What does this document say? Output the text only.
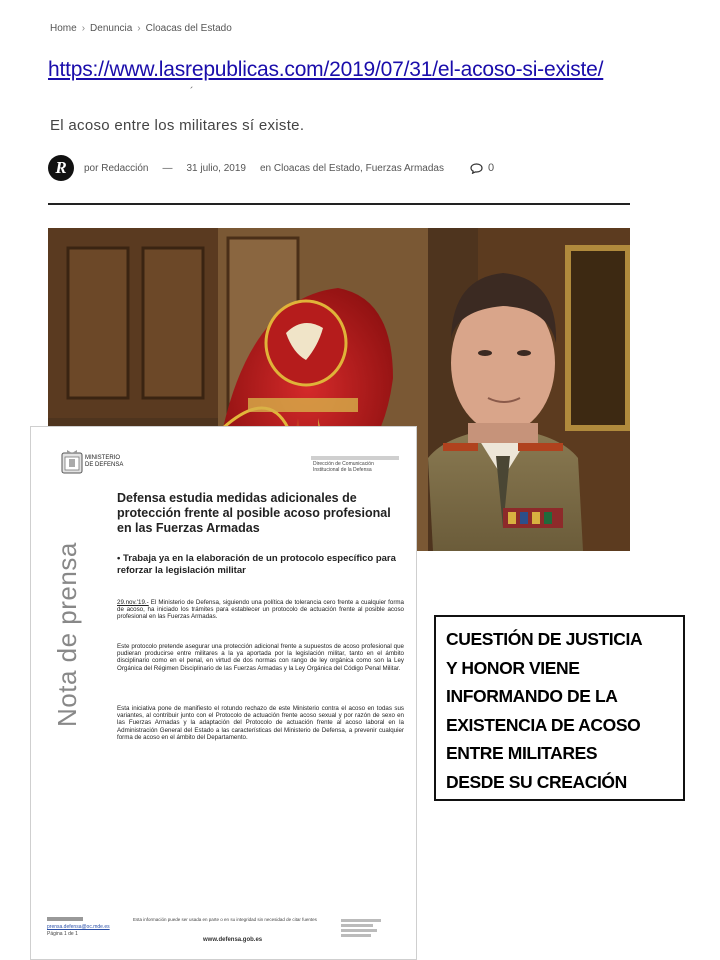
Home › Denuncia › Cloacas del Estado
https://www.lasrepublicas.com/2019/07/31/el-acoso-si-existe/
´
El acoso entre los militares sí existe.
R	por Redacción — 31 julio, 2019 en Cloacas del Estado, Fuerzas Armadas	0
MINISTERIO
DE DEFENSA	Dirección de Comunicación
Institucional de la Defensa
Nota de prensa
Defensa estudia medidas adicionales de protección frente al posible acoso profesional en las Fuerzas Armadas
• Trabaja ya en la elaboración de un protocolo específico para reforzar la legislación militar
29.nov.'19.- El Ministerio de Defensa, siguiendo una política de tolerancia cero frente a cualquier forma de acoso, ha iniciado los trámites para establecer un protocolo de actuación frente al posible acoso profesional en las Fuerzas Armadas.
Este protocolo pretende asegurar una protección adicional frente a supuestos de acoso profesional que pudieran producirse entre militares a la ya aportada por la legislación militar, tanto en el ámbito disciplinario como en el penal, en virtud de dos normas con rango de ley orgánica como son la Ley Orgánica del Régimen Disciplinario de las Fuerzas Armadas y la Ley Orgánica del Código Penal Militar.
Esta iniciativa pone de manifiesto el rotundo rechazo de este Ministerio contra el acoso en todas sus variantes, al contribuir junto con el Protocolo de actuación frente acoso sexual y por razón de sexo en las Fuerzas Armadas y la adaptación del Protocolo de actuación frente al acoso laboral en la Administración General del Estado a las características del Ministerio de Defensa, a prevenir cualquier forma de acoso en el ámbito del Departamento.
prensa.defensa@oc.mde.es
Página 1 de 1
Esta información puede ser usada en parte o en su integridad sin necesidad de citar fuentes
www.defensa.gob.es
CUESTIÓN DE JUSTICIA
Y HONOR VIENE
INFORMANDO DE LA
EXISTENCIA DE ACOSO
ENTRE MILITARES
DESDE SU CREACIÓN
